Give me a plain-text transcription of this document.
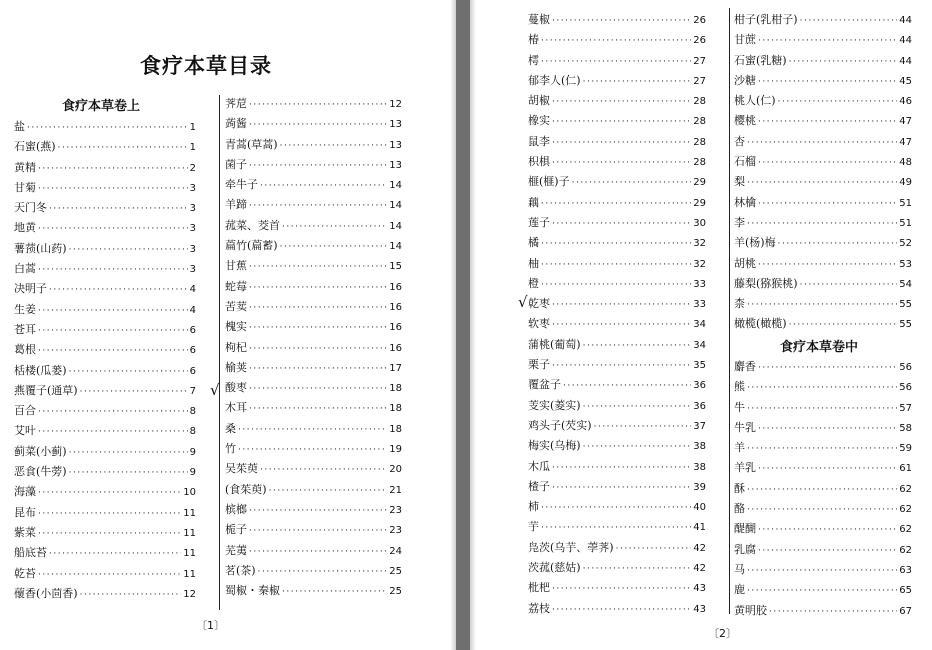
食疗本草目录
食疗本草卷上
盐 ·····	1
石蜜(燕) ·····	1
黄精 ·····	2
甘菊 ·····	3
天门冬 ·····	3
地黄 ·····	3
薯蓣(山药) ·····	3
白蒿 ·····	3
决明子 ·····	4
生姜 ·····	4
苍耳 ·····	6
葛根 ·····	6
栝楼(瓜蒌) ·····	6
燕覆子(通草) ·····	7
百合 ·····	8
艾叶 ·····	8
蓟菜(小蓟) ·····	9
恶食(牛蒡) ·····	9
海藻 ·····	10
昆布 ·····	11
紫菜 ·····	11
船底苔 ·····	11
乾苔 ·····	11
蘹香(小茴香) ·····	12
荠苨 ·····	12
蒟酱 ·····	13
青蒿(草蒿) ·····	13
菌子 ·····	13
牵牛子 ·····	14
羊蹄 ·····	14
菰菜、茭首 ·····	14
萹竹(萹蓄) ·····	14
甘蕉 ·····	15
蛇莓 ·····	16
苦荬 ·····	16
槐实 ·····	16
枸杞 ·····	16
榆荚 ·····	17
酸枣 ·····	18
木耳 ·····	18
桑 ·····	18
竹 ·····	19
吴茱萸 ·····	20
(食茱萸) ·····	21
槟榔 ·····	23
栀子 ·····	23
芜荑 ·····	24
茗(茶) ·····	25
蜀椒・秦椒 ·····	25
√
〔1〕
蔓椒 ·····	26
椿 ·····	26
樗 ·····	27
郁李人(仁) ·····	27
胡椒 ·····	28
橡实 ·····	28
鼠李 ·····	28
枳椇 ·····	28
榧(榧)子 ·····	29
藕 ·····	29
莲子 ·····	30
橘 ·····	32
柚 ·····	32
橙 ·····	33
乾枣 ·····	33
软枣 ·····	34
蒲桃(葡萄) ·····	34
栗子 ·····	35
覆盆子 ·····	36
芰实(菱实) ·····	36
鸡头子(芡实) ·····	37
梅实(乌梅) ·····	38
木瓜 ·····	38
楂子 ·····	39
柿 ·····	40
芋 ·····	41
凫茨(乌芋、荸荠) ·····	42
茨菰(慈姑) ·····	42
枇杷 ·····	43
荔枝 ·····	43
柑子(乳柑子) ·····	44
甘蔗 ·····	44
石蜜(乳糖) ·····	44
沙糖 ·····	45
桃人(仁) ·····	46
樱桃 ·····	47
杏 ·····	47
石榴 ·····	48
梨 ·····	49
林檎 ·····	51
李 ·····	51
羊(杨)梅 ·····	52
胡桃 ·····	53
藤梨(猕猴桃) ·····	54
柰 ·····	55
橄榄(橄榄) ·····	55
食疗本草卷中
麝香 ·····	56
熊 ·····	56
牛 ·····	57
牛乳 ·····	58
羊 ·····	59
羊乳 ·····	61
酥 ·····	62
酪 ·····	62
醍醐 ·····	62
乳腐 ·····	62
马 ·····	63
鹿 ·····	65
黄明胶 ·····	67
√
〔2〕
